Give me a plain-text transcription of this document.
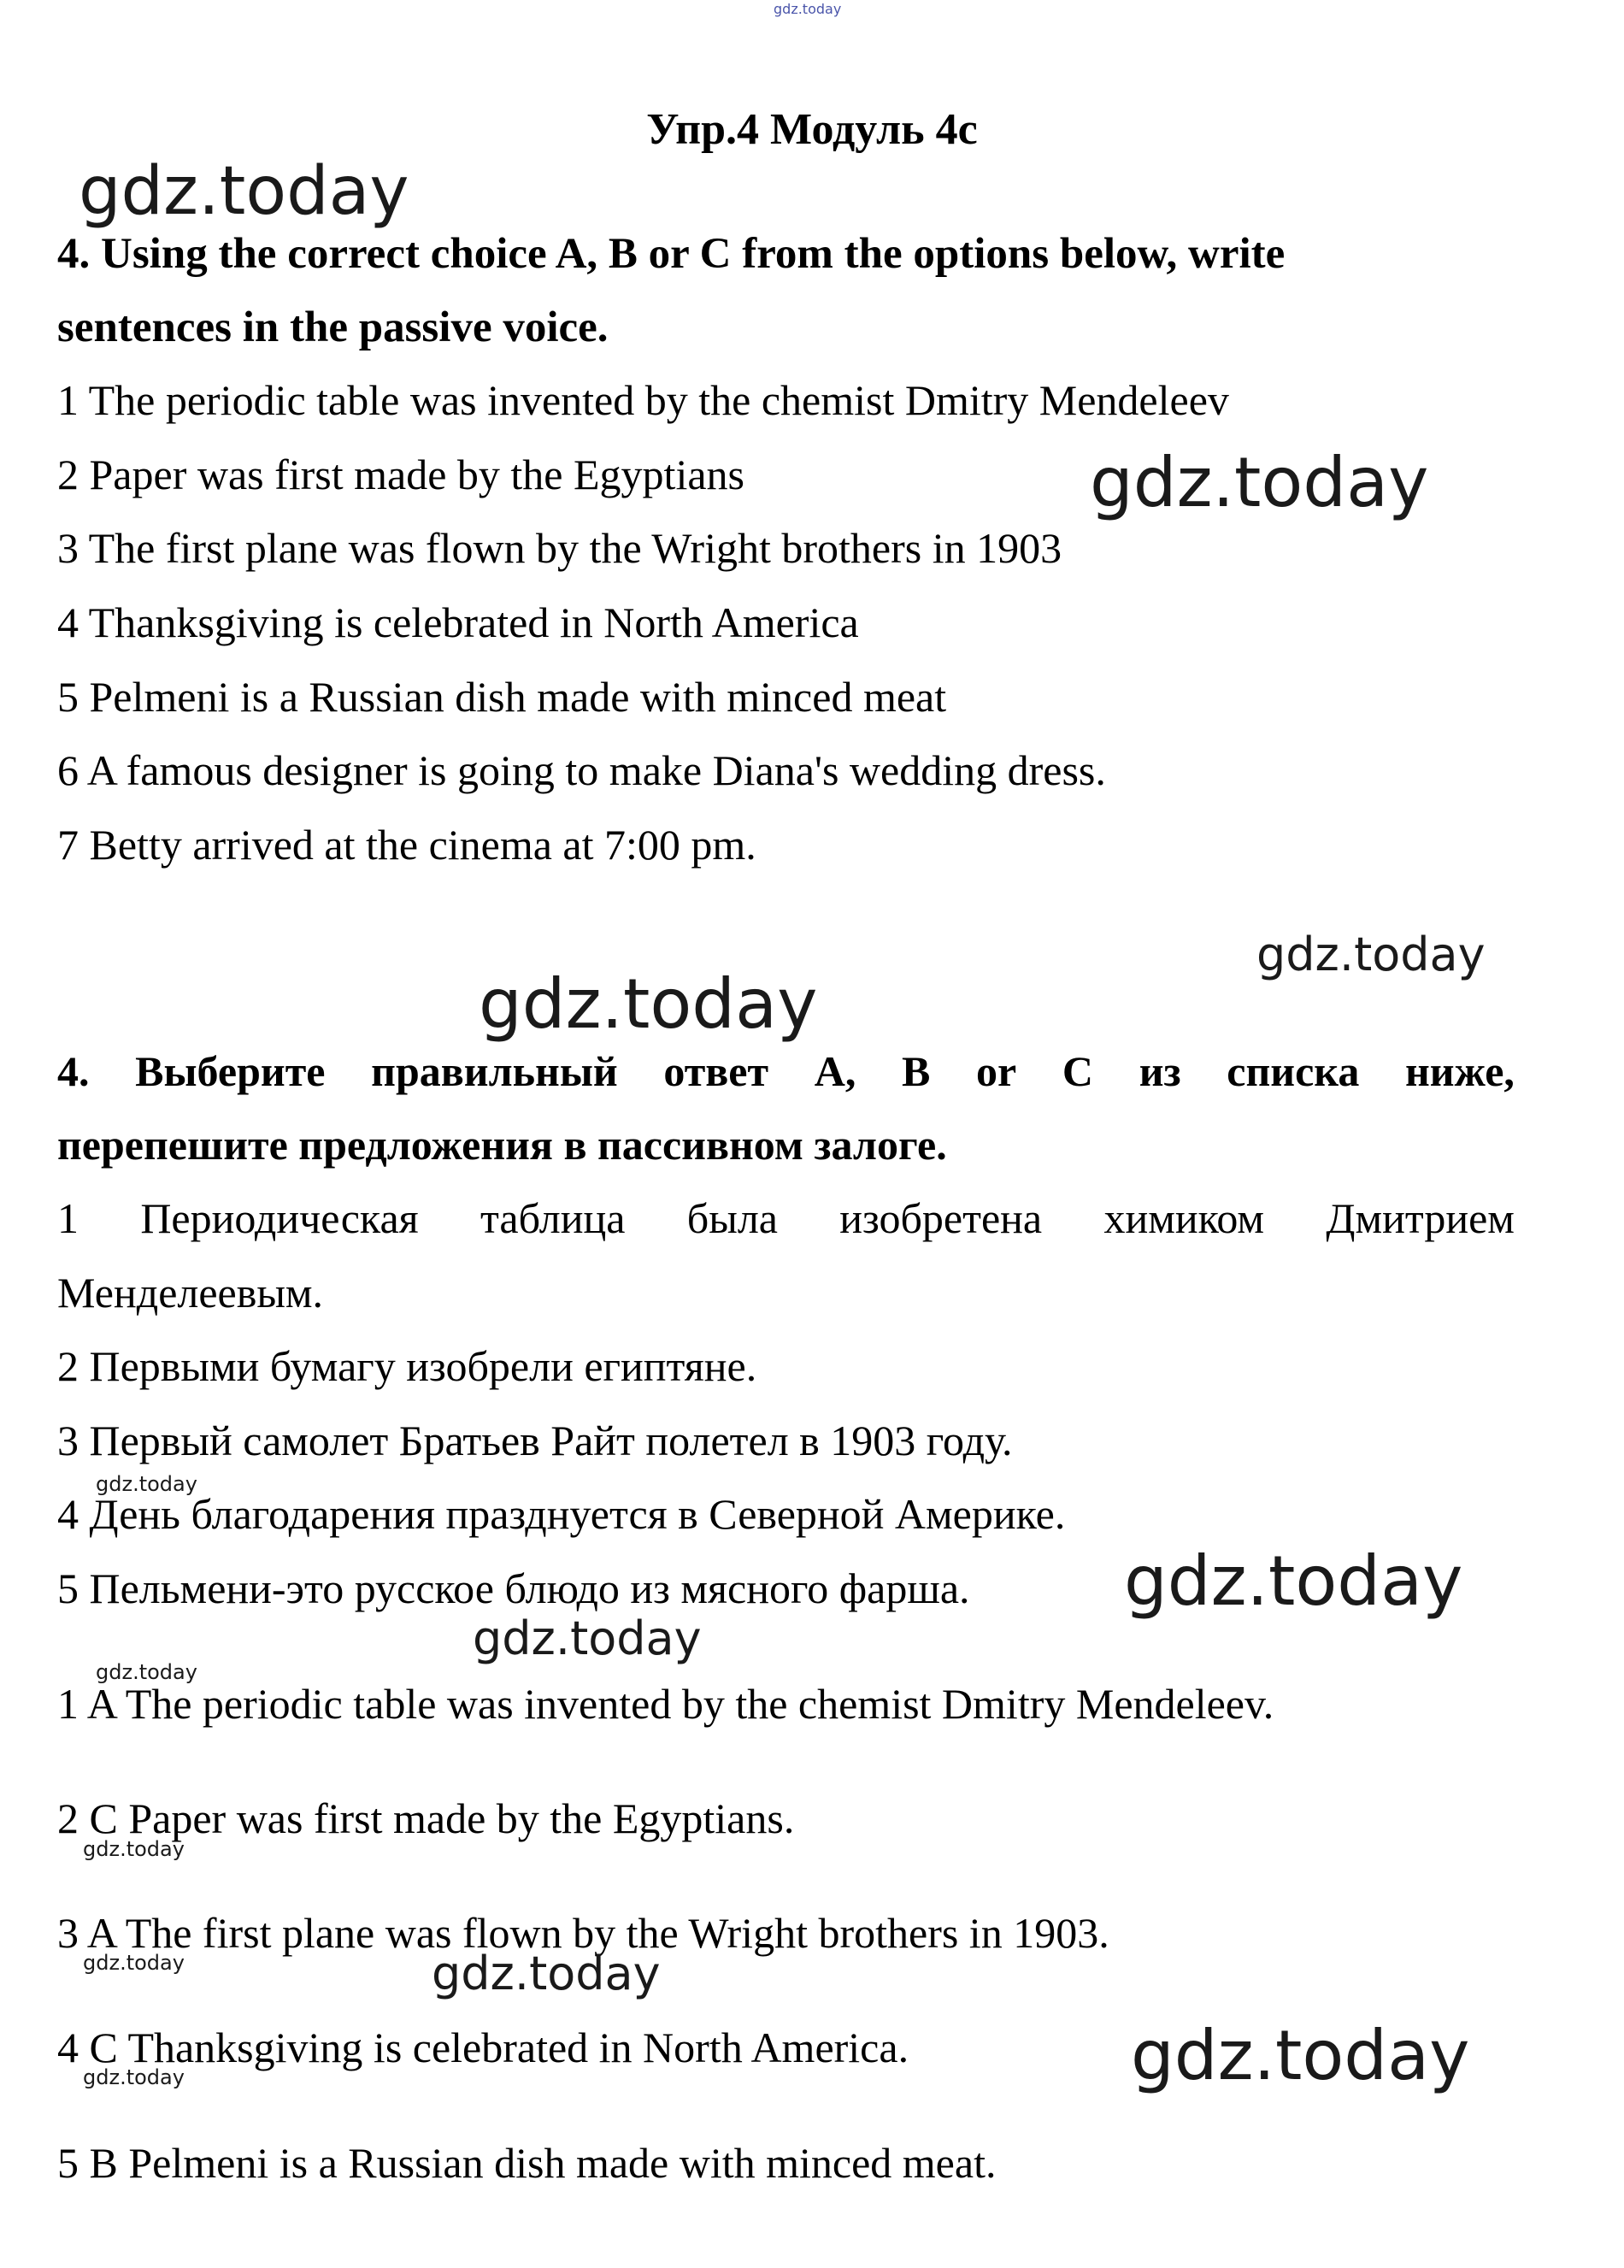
gdz.today
Упр.4 Модуль 4c
4. Using the correct choice A, B or C from the options below, write
sentences in the passive voice.
1 The periodic table was invented by the chemist Dmitry Mendeleev
2 Paper was first made by the Egyptians
3 The first plane was flown by the Wright brothers in 1903
4 Thanksgiving is celebrated in North America
5 Pelmeni is a Russian dish made with minced meat
6 A famous designer is going to make Diana's wedding dress.
7 Betty arrived at the cinema at 7:00 pm.
4. Выберите правильный ответ A, B or C из списка ниже,
перепешите предложения в пассивном залоге.
1 Периодическая таблица была изобретена химиком Дмитрием
Менделеевым.
2 Первыми бумагу изобрели египтяне.
3 Первый самолет Братьев Райт полетел в 1903 году.
4 День благодарения празднуется в Северной Америке.
5 Пельмени-это русское блюдо из мясного фарша.
1 A The periodic table was invented by the chemist Dmitry Mendeleev.
2 C Paper was first made by the Egyptians.
3 A The first plane was flown by the Wright brothers in 1903.
4 C Thanksgiving is celebrated in North America.
5 B Pelmeni is a Russian dish made with minced meat.
gdz.today
gdz.today
gdz.today
gdz.today
gdz.today
gdz.today
gdz.today
gdz.today
gdz.today
gdz.today	gdz.today
gdz.today	gdz.today
